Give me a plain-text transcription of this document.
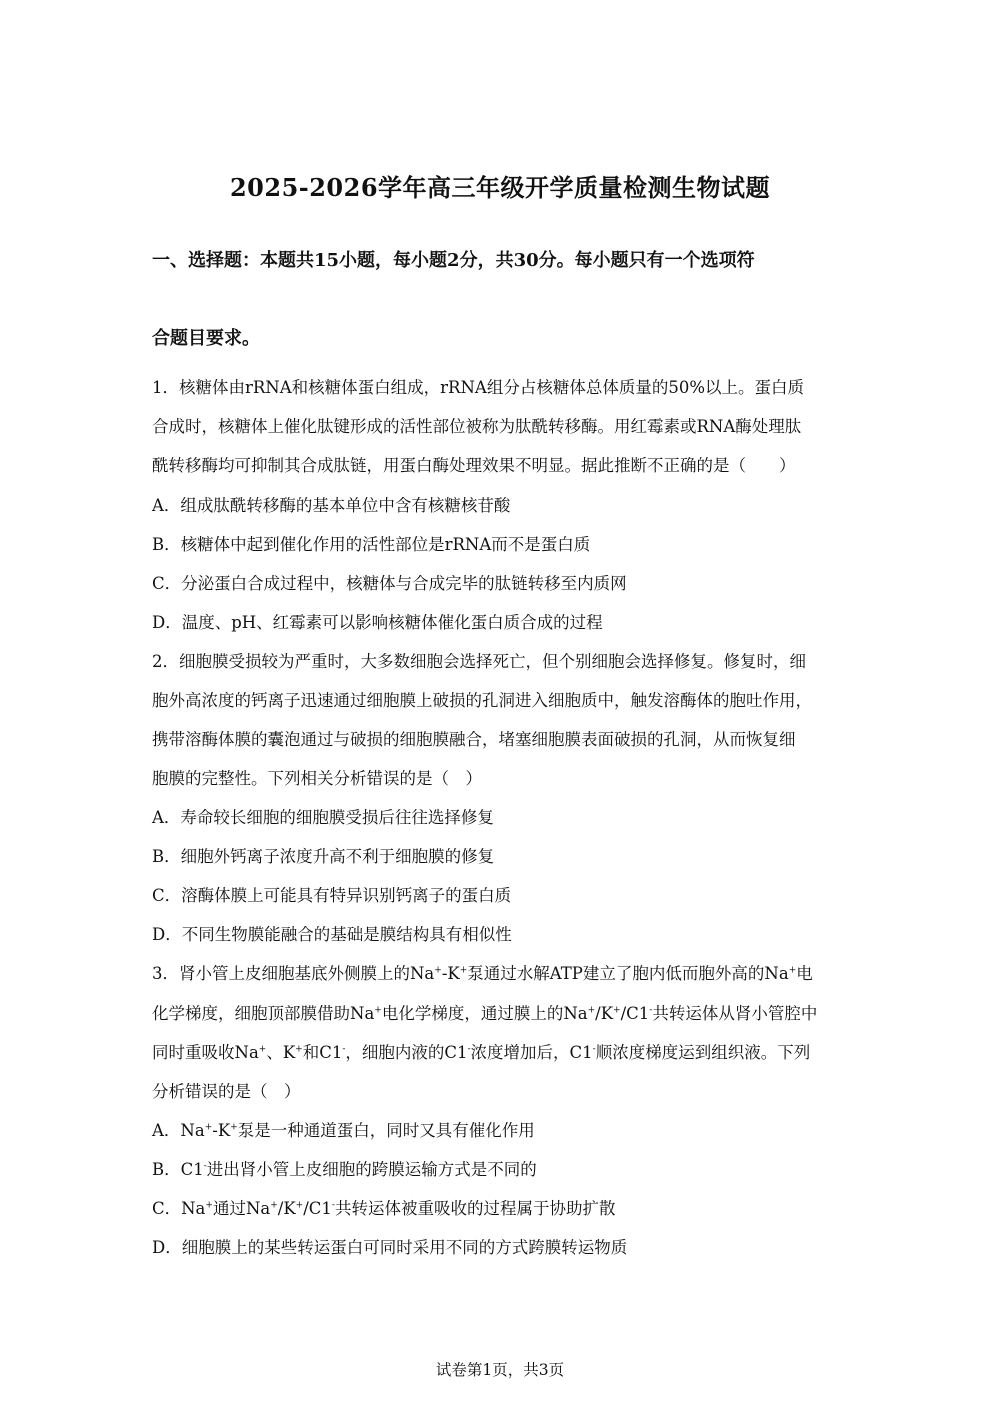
2025-2026学年高三年级开学质量检测生物试题
一、选择题：本题共15小题，每小题2分，共30分。每小题只有一个选项符
合题目要求。
1．核糖体由rRNA和核糖体蛋白组成，rRNA组分占核糖体总体质量的50%以上。蛋白质
合成时，核糖体上催化肽键形成的活性部位被称为肽酰转移酶。用红霉素或RNA酶处理肽
酰转移酶均可抑制其合成肽链，用蛋白酶处理效果不明显。据此推断不正确的是（　　）
A．组成肽酰转移酶的基本单位中含有核糖核苷酸
B．核糖体中起到催化作用的活性部位是rRNA而不是蛋白质
C．分泌蛋白合成过程中，核糖体与合成完毕的肽链转移至内质网
D．温度、pH、红霉素可以影响核糖体催化蛋白质合成的过程
2．细胞膜受损较为严重时，大多数细胞会选择死亡，但个别细胞会选择修复。修复时，细
胞外高浓度的钙离子迅速通过细胞膜上破损的孔洞进入细胞质中，触发溶酶体的胞吐作用，
携带溶酶体膜的囊泡通过与破损的细胞膜融合，堵塞细胞膜表面破损的孔洞，从而恢复细
胞膜的完整性。下列相关分析错误的是（　）
A．寿命较长细胞的细胞膜受损后往往选择修复
B．细胞外钙离子浓度升高不利于细胞膜的修复
C．溶酶体膜上可能具有特异识别钙离子的蛋白质
D．不同生物膜能融合的基础是膜结构具有相似性
3．肾小管上皮细胞基底外侧膜上的Na+-K+泵通过水解ATP建立了胞内低而胞外高的Na+电
化学梯度，细胞顶部膜借助Na+电化学梯度，通过膜上的Na+/K+/C1-共转运体从肾小管腔中
同时重吸收Na+、K+和C1-，细胞内液的C1-浓度增加后，C1-顺浓度梯度运到组织液。下列
分析错误的是（　）
A．Na+-K+泵是一种通道蛋白，同时又具有催化作用
B．C1-进出肾小管上皮细胞的跨膜运输方式是不同的
C．Na+通过Na+/K+/C1-共转运体被重吸收的过程属于协助扩散
D．细胞膜上的某些转运蛋白可同时采用不同的方式跨膜转运物质
试卷第1页，共3页
